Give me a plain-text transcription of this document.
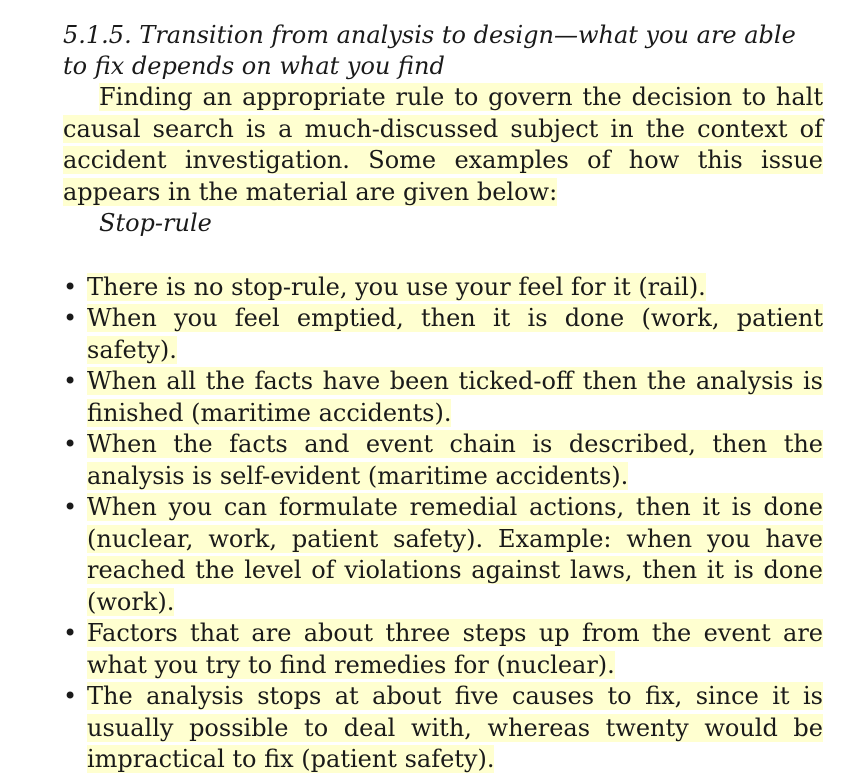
5.1.5. Transition from analysis to design—what you are able to fix depends on what you find

Finding an appropriate rule to govern the decision to halt causal search is a much-discussed subject in the context of accident investigation. Some examples of how this issue appears in the material are given below:

Stop-rule

• There is no stop-rule, you use your feel for it (rail).
• When you feel emptied, then it is done (work, patient safety).
• When all the facts have been ticked-off then the analysis is finished (maritime accidents).
• When the facts and event chain is described, then the analysis is self-evident (maritime accidents).
• When you can formulate remedial actions, then it is done (nuclear, work, patient safety). Example: when you have reached the level of violations against laws, then it is done (work).
• Factors that are about three steps up from the event are what you try to find remedies for (nuclear).
• The analysis stops at about five causes to fix, since it is usually possible to deal with, whereas twenty would be impractical to fix (patient safety).
